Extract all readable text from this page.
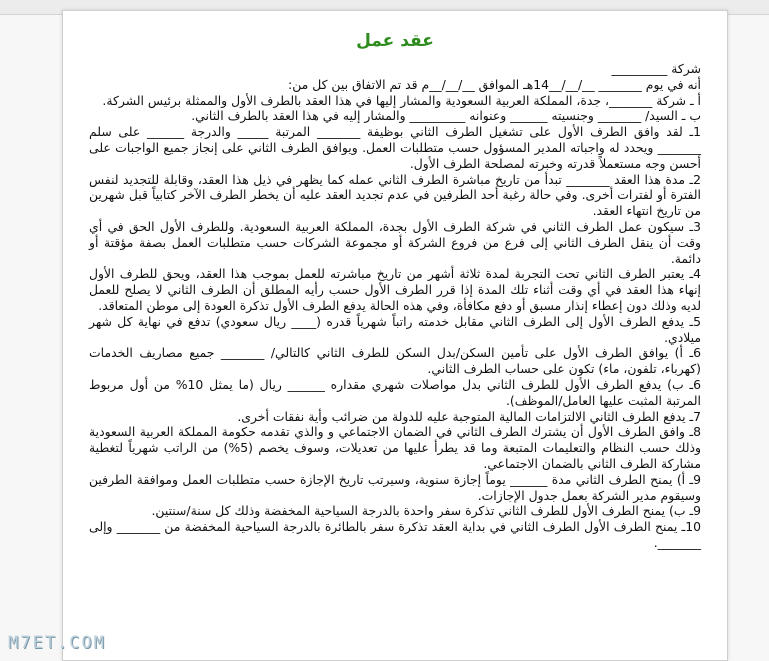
عقد عمل

شركة _________

أنه في يوم _______ __/__/__14هـ الموافق __/__/__م قد تم الاتفاق بين كل من:

أ ـ شركة _______، جدة، المملكة العربية السعودية والمشار إليها في هذا العقد بالطرف الأول والممثلة برئيس الشركة.

ب ـ السيد/ _______ وجنسيته ______ وعنوانه _________ والمشار إليه في هذا العقد بالطرف الثاني.

1ـ لقد وافق الطرف الأول على تشغيل الطرف الثاني بوظيفة _______ المرتبة _____ والدرجة ______ على سلم _______ ويحدد له واجباته المدير المسؤول حسب متطلبات العمل. ويوافق الطرف الثاني على إنجاز جميع الواجبات على أحسن وجه مستعملاً قدرته وخبرته لمصلحة الطرف الأول.

2ـ مدة هذا العقد _______ تبدأ من تاريخ مباشرة الطرف الثاني عمله كما يظهر في ذيل هذا العقد، وقابلة للتجديد لنفس الفترة أو لفترات أخرى. وفي حالة رغبة أحد الطرفين في عدم تجديد العقد عليه أن يخطر الطرف الآخر كتابياً قبل شهرين من تاريخ انتهاء العقد.

3ـ سيكون عمل الطرف الثاني في شركة الطرف الأول بجدة، المملكة العربية السعودية. وللطرف الأول الحق في أي وقت أن ينقل الطرف الثاني إلى فرع من فروع الشركة أو مجموعة الشركات حسب متطلبات العمل بصفة مؤقتة أو دائمة.

4ـ يعتبر الطرف الثاني تحت التجربة لمدة ثلاثة أشهر من تاريخ مباشرته للعمل بموجب هذا العقد، ويحق للطرف الأول إنهاء هذا العقد في أي وقت أثناء تلك المدة إذا قرر الطرف الأول حسب رأيه المطلق أن الطرف الثاني لا يصلح للعمل لديه وذلك دون إعطاء إنذار مسبق أو دفع مكافأة، وفي هذه الحالة يدفع الطرف الأول تذكرة العودة إلى موطن المتعاقد.

5ـ يدفع الطرف الأول إلى الطرف الثاني مقابل خدمته راتباً شهرياً قدره (____ ريال سعودي) تدفع في نهاية كل شهر ميلادي.

6ـ أ) يوافق الطرف الأول على تأمين السكن/بدل السكن للطرف الثاني كالتالي/ _______ جميع مصاريف الخدمات (كهرباء، تلفون، ماء) تكون على حساب الطرف الثاني.

6ـ ب) يدفع الطرف الأول للطرف الثاني بدل مواصلات شهري مقداره ______ ريال (ما يمثل 10% من أول مربوط المرتبة المثبت عليها العامل/الموظف).

7ـ يدفع الطرف الثاني الالتزامات المالية المتوجبة عليه للدولة من ضرائب وأية نفقات أخرى.

8ـ وافق الطرف الأول أن يشترك الطرف الثاني في الضمان الاجتماعي و والذي تقدمه حكومة المملكة العربية السعودية وذلك حسب النظام والتعليمات المتبعة وما قد يطرأ عليها من تعديلات، وسوف يخصم (5%) من الراتب شهرياً لتغطية مشاركة الطرف الثاني بالضمان الاجتماعي.

9ـ أ) يمنح الطرف الثاني مدة ______ يوماً إجازة سنوية، وسيرتب تاريخ الإجازة حسب متطلبات العمل وموافقة الطرفين وسيقوم مدير الشركة بعمل جدول الإجازات.

9ـ ب) يمنح الطرف الأول للطرف الثاني تذكرة سفر واحدة بالدرجة السياحية المخفضة وذلك كل سنة/سنتين.

10ـ يمنح الطرف الأول الطرف الثاني في بداية العقد تذكرة سفر بالطائرة بالدرجة السياحية المخفضة من _______ وإلى _______.

M7ET.COM
